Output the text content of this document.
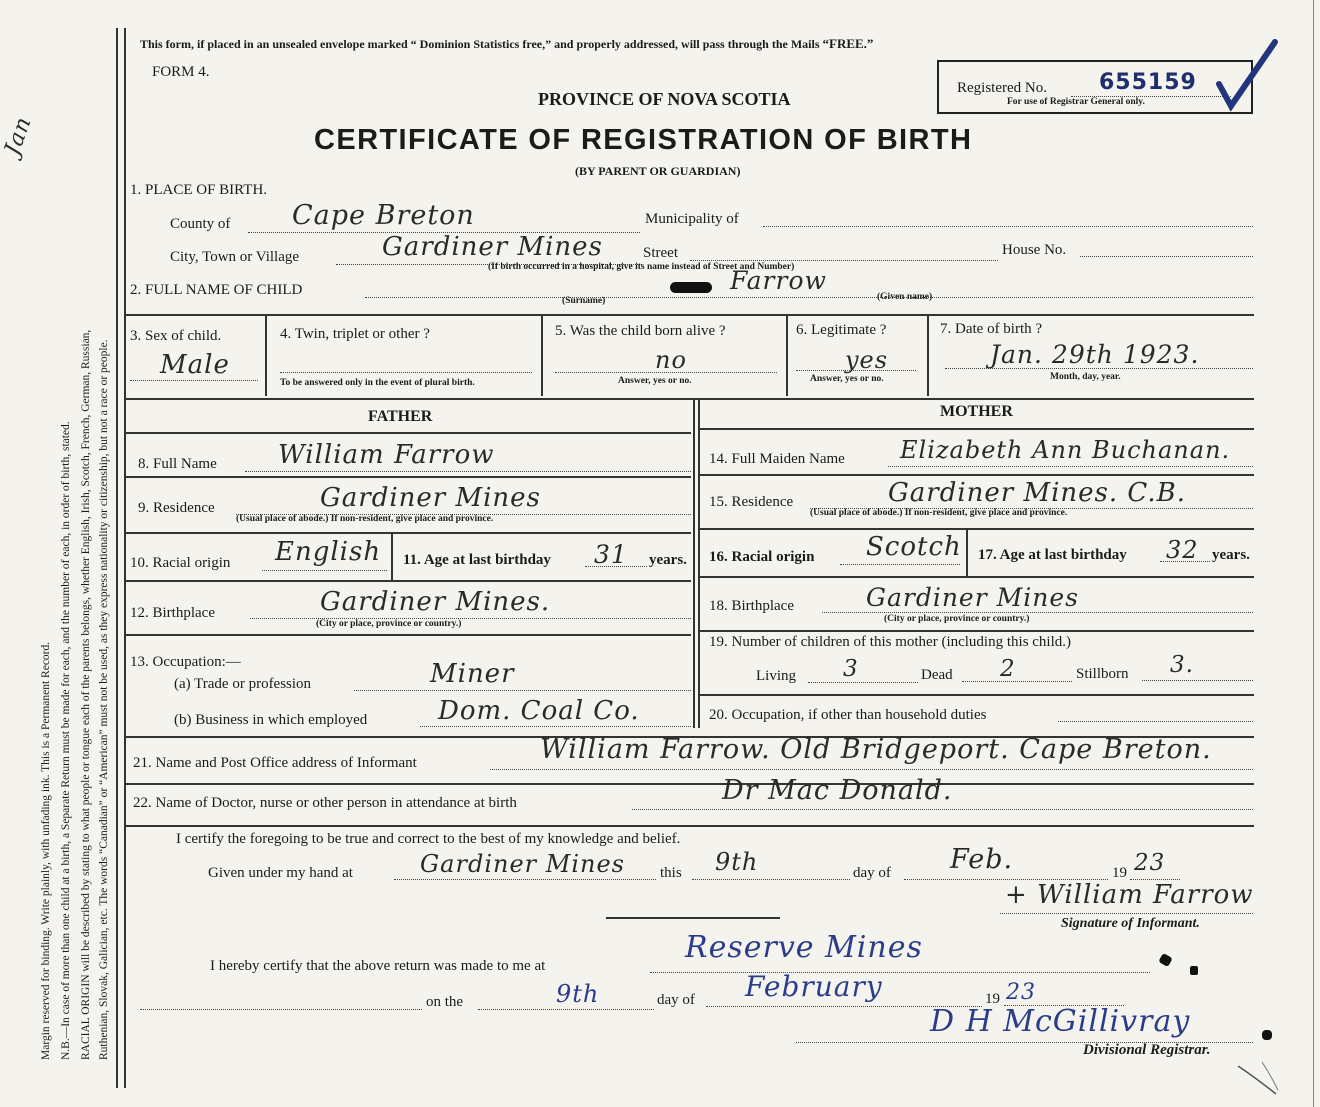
Jan
Margin reserved for binding. Write plainly, with unfading ink. This is a Permanent Record. N.B.—In case of more than one child at a birth, a Separate Return must be made for each, and the number of each, in order of birth, stated. RACIAL ORIGIN will be described by stating to what people or tongue each of the parents belongs, whether English, Irish, Scotch, French, German, Russian, Ruthenian, Slovak, Galician, etc. The words “Canadian” or “American” must not be used, as they express nationality or citizenship, but not a race or people.
This form, if placed in an unsealed envelope marked “ Dominion Statistics free,” and properly addressed, will pass through the Mails “FREE.”
FORM 4.
PROVINCE OF NOVA SCOTIA
CERTIFICATE OF REGISTRATION OF BIRTH
(BY PARENT OR GUARDIAN)
Registered No. 655159
For use of Registrar General only.
1. PLACE OF BIRTH.
County of Cape Breton	Municipality of
City, Town or Village	Gardiner Mines	Street	House No.
(If birth occurred in a hospital, give its name instead of Street and Number)
2. FULL NAME OF CHILD	Farrow
(Surname)	(Given name)
3. Sex of child.
Male
4. Twin, triplet or other ?
To be answered only in the event of plural birth.
5. Was the child born alive ?
no
Answer, yes or no.
6. Legitimate ?
yes
Answer, yes or no.
7. Date of birth ?
Jan. 29th 1923.
Month, day, year.
FATHER
8. Full Name William Farrow
9. Residence	Gardiner Mines
(Usual place of abode.) If non-resident, give place and province.
10. Racial origin English 11. Age at last birthday 31 years.
12. Birthplace	Gardiner Mines.
(City or place, province or country.)
13. Occupation:—
(a) Trade or profession	Miner
(b) Business in which employed	Dom. Coal Co.
MOTHER
14. Full Maiden Name Elizabeth Ann Buchanan.
15. Residence	Gardiner Mines. C.B.
(Usual place of abode.) If non-resident, give place and province.
16. Racial origin Scotch 17. Age at last birthday 32 years.
18. Birthplace	Gardiner Mines
(City or place, province or country.)
19. Number of children of this mother (including this child.)
Living 3	Dead 2	Stillborn 3.
20. Occupation, if other than household duties
21. Name and Post Office address of Informant	William Farrow. Old Bridgeport. Cape Breton.
22. Name of Doctor, nurse or other person in attendance at birth	Dr Mac Donald.
I certify the foregoing to be true and correct to the best of my knowledge and belief.
Given under my hand at	Gardiner Mines this 9th	day of Feb.	19 23
+ William Farrow
Signature of Informant.
I hereby certify that the above return was made to me at
Reserve Mines
on the	9th	day of February	19 23
D H McGillivray
Divisional Registrar.
